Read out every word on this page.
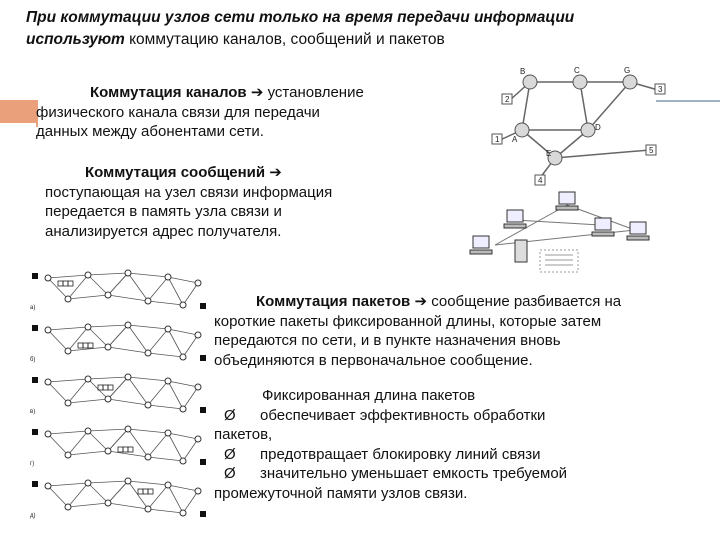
При коммутации узлов сети только на время передачи информации
используют коммутацию каналов, сообщений и пакетов
Коммутация каналов ➔ установление
физического канала связи для передачи
данных между абонентами сети.
Коммутация сообщений ➔
поступающая на узел связи информация
передается в память узла связи и
анализируется адрес получателя.
Коммутация пакетов ➔ сообщение разбивается на
короткие пакеты фиксированной длины, которые затем
передаются по сети, и в пункте назначения вновь
объединяются в первоначальное сообщение.
Фиксированная длина пакетов
Ø обеспечивает эффективность обработки
пакетов,
Ø предотвращает блокировку линий связи
Ø значительно уменьшает емкость требуемой
промежуточной памяти узлов связи.
B	C	G
D
E
A
1
2
3
4
5
а)
б)
в)
г)
д)
